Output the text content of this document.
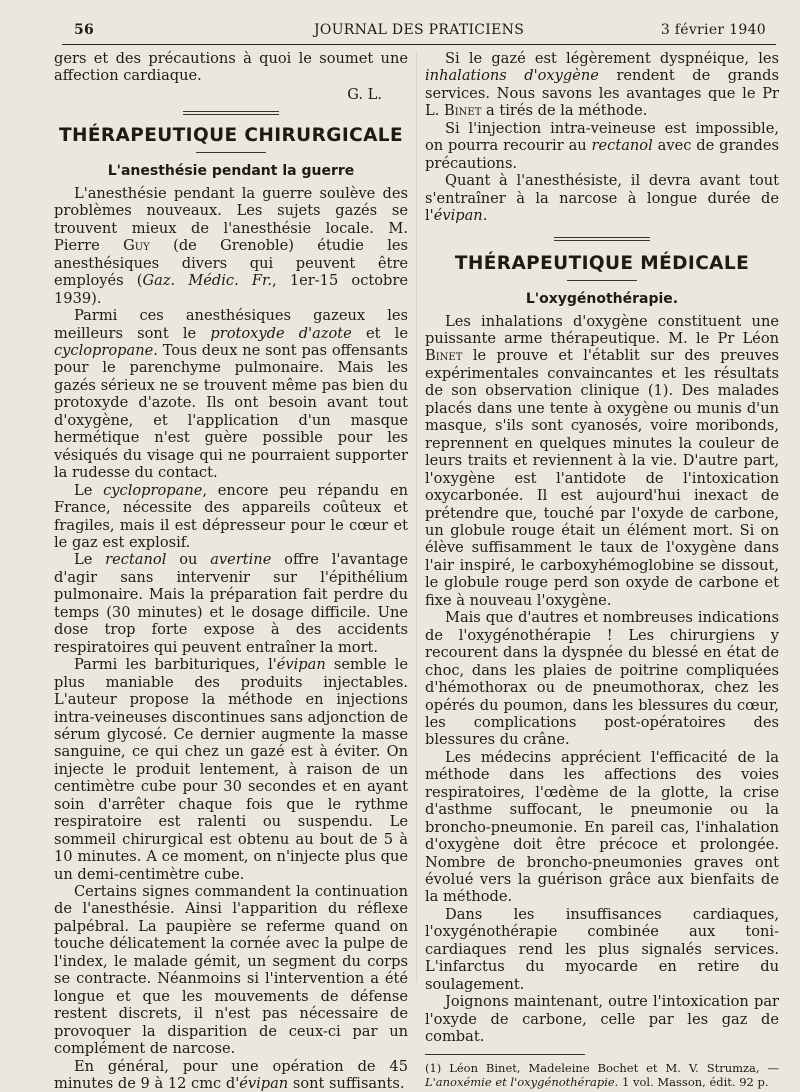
56	JOURNAL DES PRATICIENS	3 février 1940

gers et des précautions à quoi le soumet une affection cardiaque.

G. L.
THÉRAPEUTIQUE CHIRURGICALE
L'anesthésie pendant la guerre

L'anesthésie pendant la guerre soulève des problèmes nouveaux. Les sujets gazés se trouvent mieux de l'anesthésie locale. M. Pierre Guy (de Grenoble) étudie les anesthésiques divers qui peuvent être employés (Gaz. Médic. Fr., 1er-15 octobre 1939).

Parmi ces anesthésiques gazeux les meilleurs sont le protoxyde d'azote et le cyclopropane. Tous deux ne sont pas offensants pour le parenchyme pulmonaire. Mais les gazés sérieux ne se trouvent même pas bien du protoxyde d'azote. Ils ont besoin avant tout d'oxygène, et l'application d'un masque hermétique n'est guère possible pour les vésiqués du visage qui ne pourraient supporter la rudesse du contact.

Le cyclopropane, encore peu répandu en France, nécessite des appareils coûteux et fragiles, mais il est dépresseur pour le cœur et le gaz est explosif.

Le rectanol ou avertine offre l'avantage d'agir sans intervenir sur l'épithélium pulmonaire. Mais la préparation fait perdre du temps (30 minutes) et le dosage difficile. Une dose trop forte expose à des accidents respiratoires qui peuvent entraîner la mort.

Parmi les barbituriques, l'évipan semble le plus maniable des produits injectables. L'auteur propose la méthode en injections intra-veineuses discontinues sans adjonction de sérum glycosé. Ce dernier augmente la masse sanguine, ce qui chez un gazé est à éviter. On injecte le produit lentement, à raison de un centimètre cube pour 30 secondes et en ayant soin d'arrêter chaque fois que le rythme respiratoire est ralenti ou suspendu. Le sommeil chirurgical est obtenu au bout de 5 à 10 minutes. A ce moment, on n'injecte plus que un demi-centimètre cube.

Certains signes commandent la continuation de l'anesthésie. Ainsi l'apparition du réflexe palpébral. La paupière se referme quand on touche délicatement la cornée avec la pulpe de l'index, le malade gémit, un segment du corps se contracte. Néanmoins si l'intervention a été longue et que les mouvements de défense restent discrets, il n'est pas nécessaire de provoquer la disparition de ceux-ci par un complément de narcose.

En général, pour une opération de 45 minutes de 9 à 12 cmc d'évipan sont suffisants.

Si le gazé est légèrement dyspnéique, les inhalations d'oxygène rendent de grands services. Nous savons les avantages que le Pr L. Binet a tirés de la méthode.

Si l'injection intra-veineuse est impossible, on pourra recourir au rectanol avec de grandes précautions.

Quant à l'anesthésiste, il devra avant tout s'entraîner à la narcose à longue durée de l'évipan.

THÉRAPEUTIQUE MÉDICALE
L'oxygénothérapie.

Les inhalations d'oxygène constituent une puissante arme thérapeutique. M. le Pr Léon Binet le prouve et l'établit sur des preuves expérimentales convaincantes et les résultats de son observation clinique (1). Des malades placés dans une tente à oxygène ou munis d'un masque, s'ils sont cyanosés, voire moribonds, reprennent en quelques minutes la couleur de leurs traits et reviennent à la vie. D'autre part, l'oxygène est l'antidote de l'intoxication oxycarbonée. Il est aujourd'hui inexact de prétendre que, touché par l'oxyde de carbone, un globule rouge était un élément mort. Si on élève suffisamment le taux de l'oxygène dans l'air inspiré, le carboxyhémoglobine se dissout, le globule rouge perd son oxyde de carbone et fixe à nouveau l'oxygène.

Mais que d'autres et nombreuses indications de l'oxygénothérapie ! Les chirurgiens y recourent dans la dyspnée du blessé en état de choc, dans les plaies de poitrine compliquées d'hémothorax ou de pneumothorax, chez les opérés du poumon, dans les blessures du cœur, les complications post-opératoires des blessures du crâne.

Les médecins apprécient l'efficacité de la méthode dans les affections des voies respiratoires, l'œdème de la glotte, la crise d'asthme suffocant, le pneumonie ou la broncho-pneumonie. En pareil cas, l'inhalation d'oxygène doit être précoce et prolongée. Nombre de broncho-pneumonies graves ont évolué vers la guérison grâce aux bienfaits de la méthode.

Dans les insuffisances cardiaques, l'oxygénothérapie combinée aux toni-cardiaques rend les plus signalés services. L'infarctus du myocarde en retire du soulagement.

Joignons maintenant, outre l'intoxication par l'oxyde de carbone, celle par les gaz de combat.

(1) Léon Binet, Madeleine Bochet et M. V. Strumza, — L'anoxémie et l'oxygénothérapie. 1 vol. Masson, édit. 92 p.
